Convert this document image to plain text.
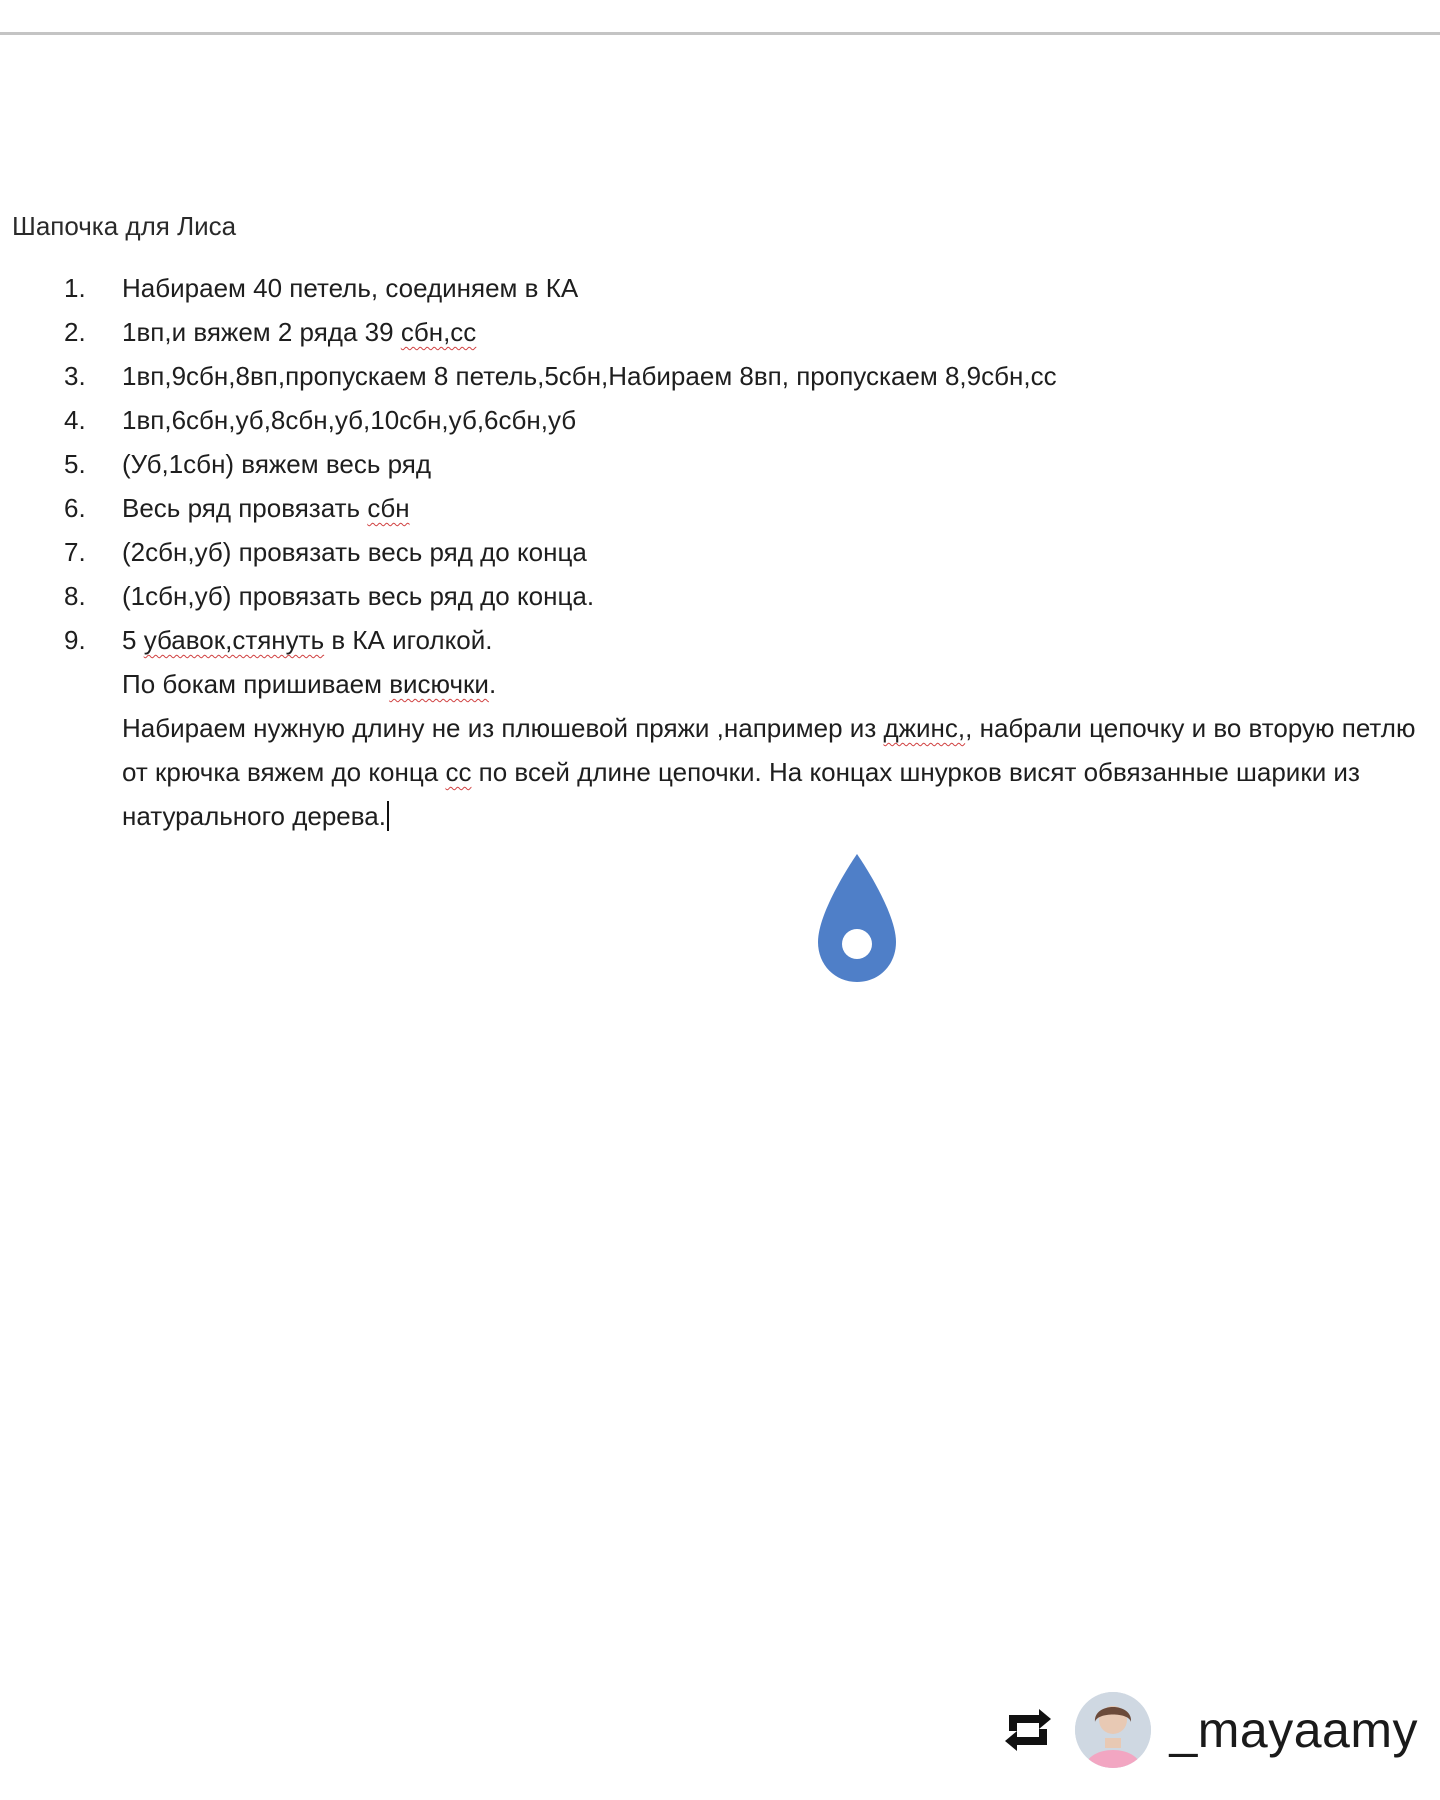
Шапочка для Лиса
1. Набираем 40 петель, соединяем в КА
2. 1вп,и вяжем 2 ряда 39 сбн,сс
3. 1вп,9сбн,8вп,пропускаем 8 петель,5сбн,Набираем 8вп, пропускаем 8,9сбн,сс
4. 1вп,6сбн,уб,8сбн,уб,10сбн,уб,6сбн,уб
5. (Уб,1сбн) вяжем весь ряд
6. Весь ряд провязать сбн
7. (2сбн,уб) провязать весь ряд до конца
8. (1сбн,уб) провязать весь ряд до конца.
9. 5 убавок,стянуть в КА иголкой.

По бокам пришиваем висючки.

Набираем нужную длину не из плюшевой пряжи ,например из джинс,, набрали цепочку и во вторую петлю от крючка вяжем до конца сс по всей длине цепочки. На концах шнурков висят обвязанные шарики из натурального дерева.

_mayaamy
